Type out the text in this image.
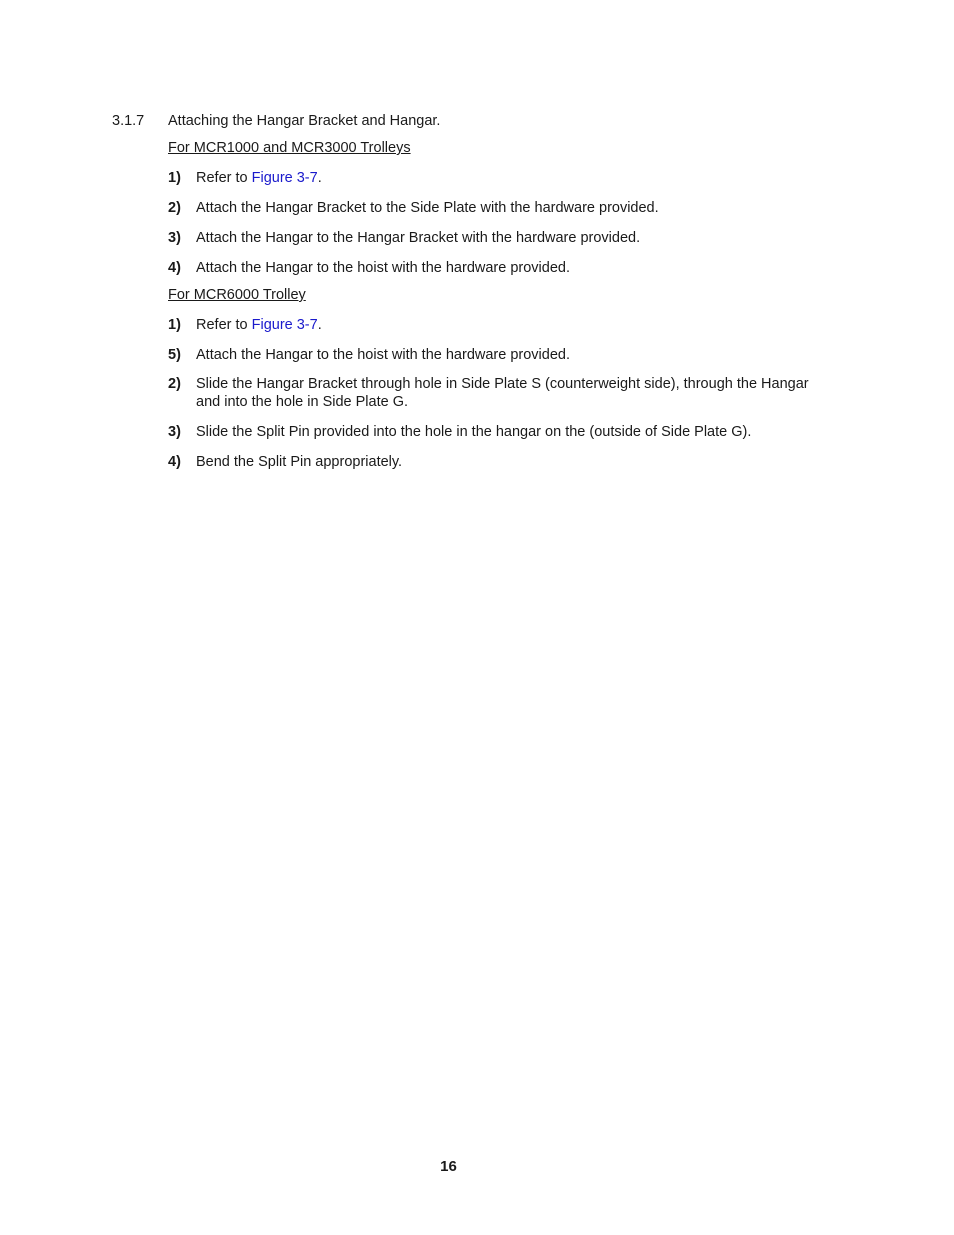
3.1.7 Attaching the Hangar Bracket and Hangar.
For MCR1000 and MCR3000 Trolleys
1) Refer to Figure 3-7.
2) Attach the Hangar Bracket to the Side Plate with the hardware provided.
3) Attach the Hangar to the Hangar Bracket with the hardware provided.
4) Attach the Hangar to the hoist with the hardware provided.
For MCR6000 Trolley
1) Refer to Figure 3-7.
5) Attach the Hangar to the hoist with the hardware provided.
2) Slide the Hangar Bracket through hole in Side Plate S (counterweight side), through the Hangar and into the hole in Side Plate G.
3) Slide the Split Pin provided into the hole in the hangar on the (outside of Side Plate G).
4) Bend the Split Pin appropriately.
16
